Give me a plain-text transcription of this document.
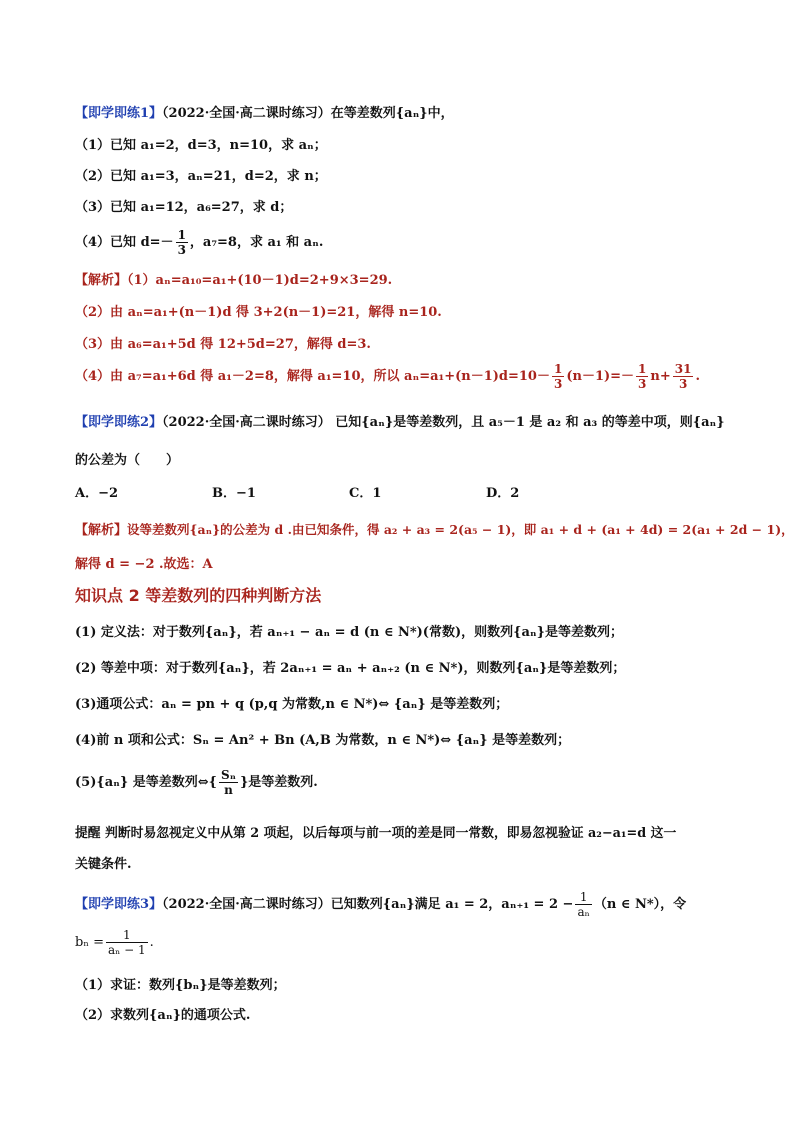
【即学即练1】（2022·全国·高二课时练习）在等差数列{aₙ}中，
（1）已知 a₁=2，d=3，n=10，求 aₙ；
（2）已知 a₁=3，aₙ=21，d=2，求 n；
（3）已知 a₁=12，a₆=27，求 d；
（4）已知 $d=- \frac{1}{3}$ ，a₇=8，求 a₁ 和 aₙ.
【解析】（1）aₙ=a₁₀=a₁+(10－1)d=2+9×3=29.
（2）由 aₙ=a₁+(n－1)d 得 3+2(n－1)=21，解得 n=10.
（3）由 a₆=a₁+5d 得 12+5d=27，解得 d=3.
（4）由 a₇=a₁+6d 得 a₁－2=8，解得 a₁=10，所以 $a_n=a_1+(n-1)d=10- \frac{1}{3} (n-1)=- \frac{1}{3} n+ \frac{31}{3}$ .
【即学即练2】（2022·全国·高二课时练习） 已知{aₙ}是等差数列，且 a₅－1 是 a₂ 和 a₃ 的等差中项，则{aₙ}
的公差为（　　）
A．−2	B．−1	C．1	D．2
【解析】设等差数列{aₙ}的公差为 d .由已知条件，得 a₂ + a₃ = 2(a₅ − 1)，即 a₁ + d + (a₁ + 4d) = 2(a₁ + 2d − 1)，
解得 d = −2 .故选：A
知识点 2 等差数列的四种判断方法
(1) 定义法：对于数列{aₙ}，若 aₙ₊₁ − aₙ = d (n ∈ N*)(常数)，则数列{aₙ}是等差数列；
(2) 等差中项：对于数列{aₙ}，若 2aₙ₊₁ = aₙ + aₙ₊₂ (n ∈ N*)，则数列{aₙ}是等差数列；
(3)通项公式：aₙ = pn + q (p,q 为常数,n ∈ N*)⇔ {aₙ} 是等差数列；
(4)前 n 项和公式：Sₙ = An² + Bn (A,B 为常数，n ∈ N*)⇔ {aₙ} 是等差数列；
(5){aₙ} 是等差数列⇔{ $\frac{\text{Sₙ}}{n}$ }是等差数列.
提醒 判断时易忽视定义中从第 2 项起，以后每项与前一项的差是同一常数，即易忽视验证 a₂−a₁=d 这一
关键条件.
【即学即练3】（2022·全国·高二课时练习）已知数列{aₙ}满足 a₁ = 2，$a_{n+1} = 2 - \frac{1}{\text{aₙ}} (n$ ∈ N*），令
$b_n = \frac{1}{\text{aₙ − 1}}$ .
（1）求证：数列{bₙ}是等差数列；
（2）求数列{aₙ}的通项公式.
